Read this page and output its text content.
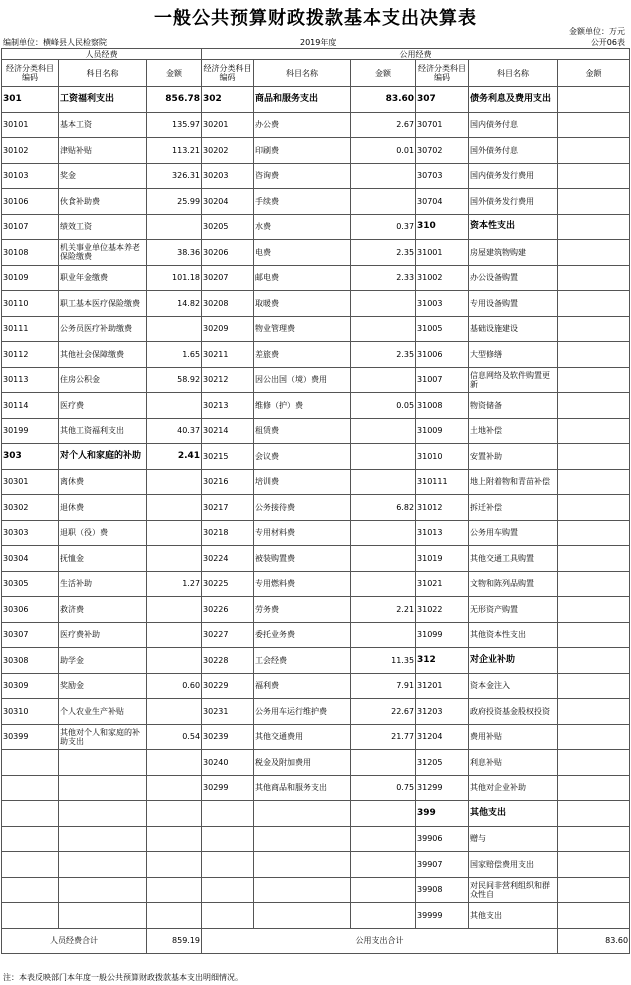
一般公共预算财政拨款基本支出决算表
金额单位：万元
编制单位：横峰县人民检察院	2019年度	公开06表
人员经费			公用经费					
经济分类科目编码	科目名称	金额	经济分类科目编码	科目名称	金额	经济分类科目编码	科目名称	金额
301	工资福利支出	856.78	302	商品和服务支出	83.60	307	债务利息及费用支出	
30101	基本工资	135.97	30201	办公费	2.67	30701	国内债务付息	
30102	津贴补贴	113.21	30202	印刷费	0.01	30702	国外债务付息	
30103	奖金	326.31	30203	咨询费		30703	国内债务发行费用	
30106	伙食补助费	25.99	30204	手续费		30704	国外债务发行费用	
30107	绩效工资		30205	水费	0.37	310	资本性支出	
30108	机关事业单位基本养老保险缴费	38.36	30206	电费	2.35	31001	房屋建筑物购建	
30109	职业年金缴费	101.18	30207	邮电费	2.33	31002	办公设备购置	
30110	职工基本医疗保险缴费	14.82	30208	取暖费		31003	专用设备购置	
30111	公务员医疗补助缴费		30209	物业管理费		31005	基础设施建设	
30112	其他社会保障缴费	1.65	30211	差旅费	2.35	31006	大型修缮	
30113	住房公积金	58.92	30212	因公出国（境）费用		31007	信息网络及软件购置更新	
30114	医疗费		30213	维修（护）费	0.05	31008	物资储备	
30199	其他工资福利支出	40.37	30214	租赁费		31009	土地补偿	
303	对个人和家庭的补助	2.41	30215	会议费		31010	安置补助	
30301	离休费		30216	培训费		310111	地上附着物和青苗补偿	
30302	退休费		30217	公务接待费	6.82	31012	拆迁补偿	
30303	退职（役）费		30218	专用材料费		31013	公务用车购置	
30304	抚恤金		30224	被装购置费		31019	其他交通工具购置	
30305	生活补助	1.27	30225	专用燃料费		31021	文物和陈列品购置	
30306	救济费		30226	劳务费	2.21	31022	无形资产购置	
30307	医疗费补助		30227	委托业务费		31099	其他资本性支出	
30308	助学金		30228	工会经费	11.35	312	对企业补助	
30309	奖励金	0.60	30229	福利费	7.91	31201	资本金注入	
30310	个人农业生产补贴		30231	公务用车运行维护费	22.67	31203	政府投资基金股权投资	
30399	其他对个人和家庭的补助支出	0.54	30239	其他交通费用	21.77	31204	费用补贴	
			30240	税金及附加费用		31205	利息补贴	
			30299	其他商品和服务支出	0.75	31299	其他对企业补助	
						399	其他支出	
						39906	赠与	
						39907	国家赔偿费用支出	
						39908	对民间非营利组织和群众性自	
						39999	其他支出	
人员经费合计		859.19	公用支出合计					83.60
注：本表反映部门本年度一般公共预算财政拨款基本支出明细情况。
